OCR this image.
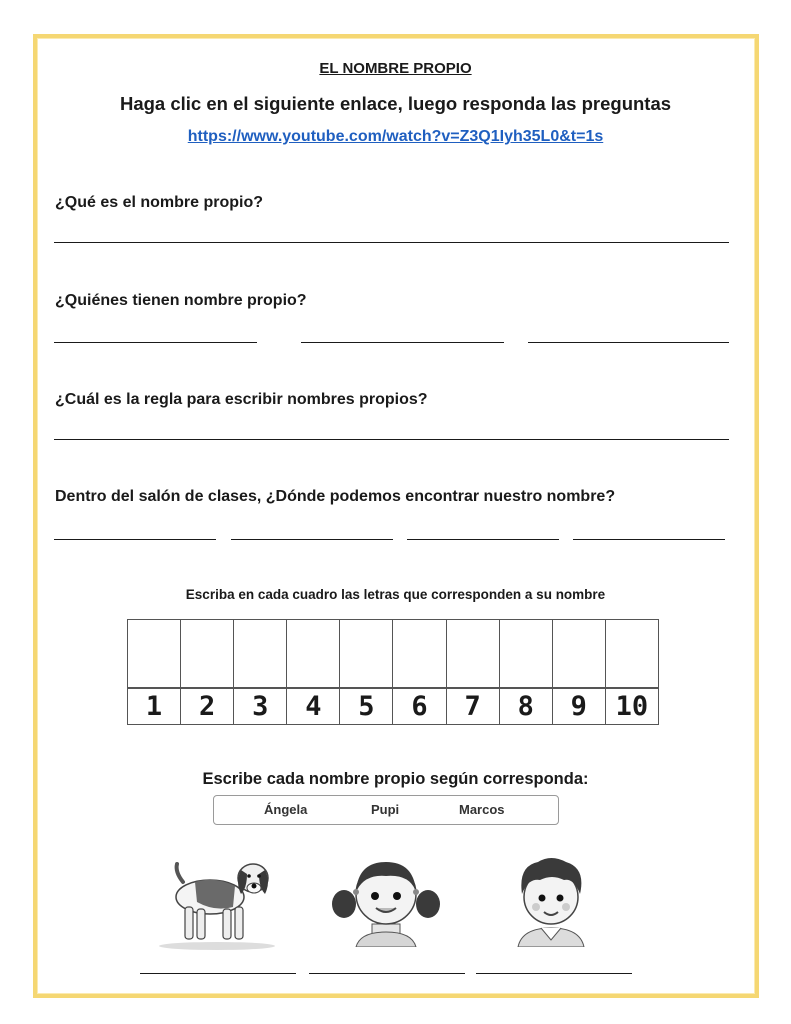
EL NOMBRE PROPIO
Haga clic en el siguiente enlace, luego responda las preguntas
https://www.youtube.com/watch?v=Z3Q1Iyh35L0&t=1s
¿Qué es el nombre propio?
¿Quiénes tienen nombre propio?
¿Cuál es la regla para escribir nombres propios?
Dentro del salón de clases, ¿Dónde podemos encontrar nuestro nombre?
Escriba en cada cuadro las letras que corresponden a su nombre
1	2	3	4	5	6	7	8	9	10
Escribe cada nombre propio según corresponda:
Ángela	Pupi	Marcos
